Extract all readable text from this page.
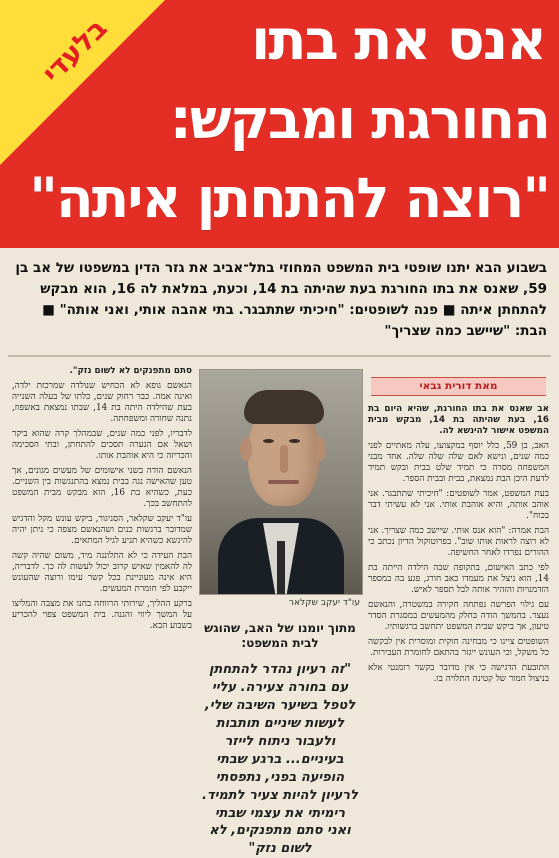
בלעדי	אנס את בתו
החורגת ומבקש:
"רוצה להתחתן איתה"

בשבוע הבא יתנו שופטי בית המשפט המחוזי בתל־אביב את גזר הדין במשפטו של אב בן 59, שאנס את בתו החורגת בעת שהיתה בת 14, וכעת, במלאת לה 16, הוא מבקש להתחתן איתה ■ פנה לשופטים: "חיכיתי שתתבגר. בתי אהבה אותי, ואני אותה" ■ הבת: "שיישב כמה שצריך"

מאת דורית גבאי

סתם מתפנקים לא לשום נזק".

הגאשם גופא לא הכחיש שנולדה שמרכזת ילדה, ואינה אמה. כבר רחוק שנים, כלתו של בעלה השנייה בעת שהילדה היתה בת 14, שבתו נמצאת באשפוז, נתנה שחורה ומשפחתה.

לדבריו, לפני כמה שנים, שבמהלך קרה שהוא ביקר ושאל אם הנערה תסכים להתחתן, ובתי הסכימה והכריזה כי היא אוהבת אותו.

הנאשם הודה בשני אישומים של מעשים מגונים, אך טען שהאישה נגה בבית נמצא בהתנגשות בין השניים. כעת, כשהיא בת 16, הוא מבקש מבית המשפט להתחשב בכך.

עו"ד יעקב שקלאר, הסניגור, ביקש עונש מקל והדגיש שמדובר ברגשות כנים ושהנאשם מצפה כי ניתן יהיה להינשא כשהיא תגיע לגיל המתאים.

הבת העידה כי לא התלוננה מיד, משום שהיה קשה לה להאמין שאיש קרוב יכול לעשות לה כך. לדבריה, היא אינה מעוניינת בכל קשר עימו ורוצה שהעונש ייקבע לפי חומרת המעשים.

ברקע ההליך, שירותי הרווחה בחנו את מצבה והמליצו על המשך ליווי והגנה. בית המשפט צפוי להכריע בשבוע הבא.

עו"ד יעקב שקלאר
מתוך יומנו של האב, שהוגש לבית המשפט:
"זה רעיון נהדר להתחתן עם בחורה צעירה. עליי לטפל בשיער השיבה שלי, לעשות שיניים תותבות ולעבור ניתוח לייזר בעיניים... ברגע שבתי הופיעה בפני, נתפסתי לרעיון להיות צעיר לתמיד. רימיתי את עצמי שבתי ואני סתם מתפנקים, לא לשום נזק"

אב שאנס את בתו החורגת, שהיא היום בת 16, בעת שהיתה בת 14, מבקש מבית המשפט אישור להינשא לה.

האב, בן 59, כלל יוסף במקצועו, עלה מאתיים לפני כמה שנים, ונישא לאם שלה שלה שלה. אחד מבני המשפחה מסרה כי תמיד שלט בבית ובקש תמיד לדעת היכן הבת נמצאת, בבית ובבית הספר.

בעת המשפט, אמר לשופטים: "חיכיתי שתתבגר. אני אוהב אותה, והיא אוהבת אותי. אני לא עשיתי דבר בכוח".

הבת אמרה: "הוא אנס אותי. שיישב כמה שצריך. אני לא רוצה לראות אותו שוב". בפרוטוקול הדיון נכתב כי ההורים נפרדו לאחר החשיפה.

לפי כתב האישום, בתקופה שבה הילדה הייתה בת 14, הוא ניצל את מעמדו כאב חורג, פגע בה במספר הזדמנויות והזהיר אותה לבל תספר לאיש.

עם גילוי הפרשה נפתחה חקירה במשטרה, והנאשם נעצר. בהמשך הודה בחלק מהמעשים במסגרת הסדר טיעון, אך ביקש שבית המשפט יתחשב ברגשותיו.

השופטים ציינו כי מבחינה חוקית ומוסרית אין לבקשה כל משקל, וכי העונש ייגזר בהתאם לחומרת העבירות.

התובעת הדגישה כי אין מדובר בקשר רומנטי אלא בניצול חמור של קטינה התלויה בו.
